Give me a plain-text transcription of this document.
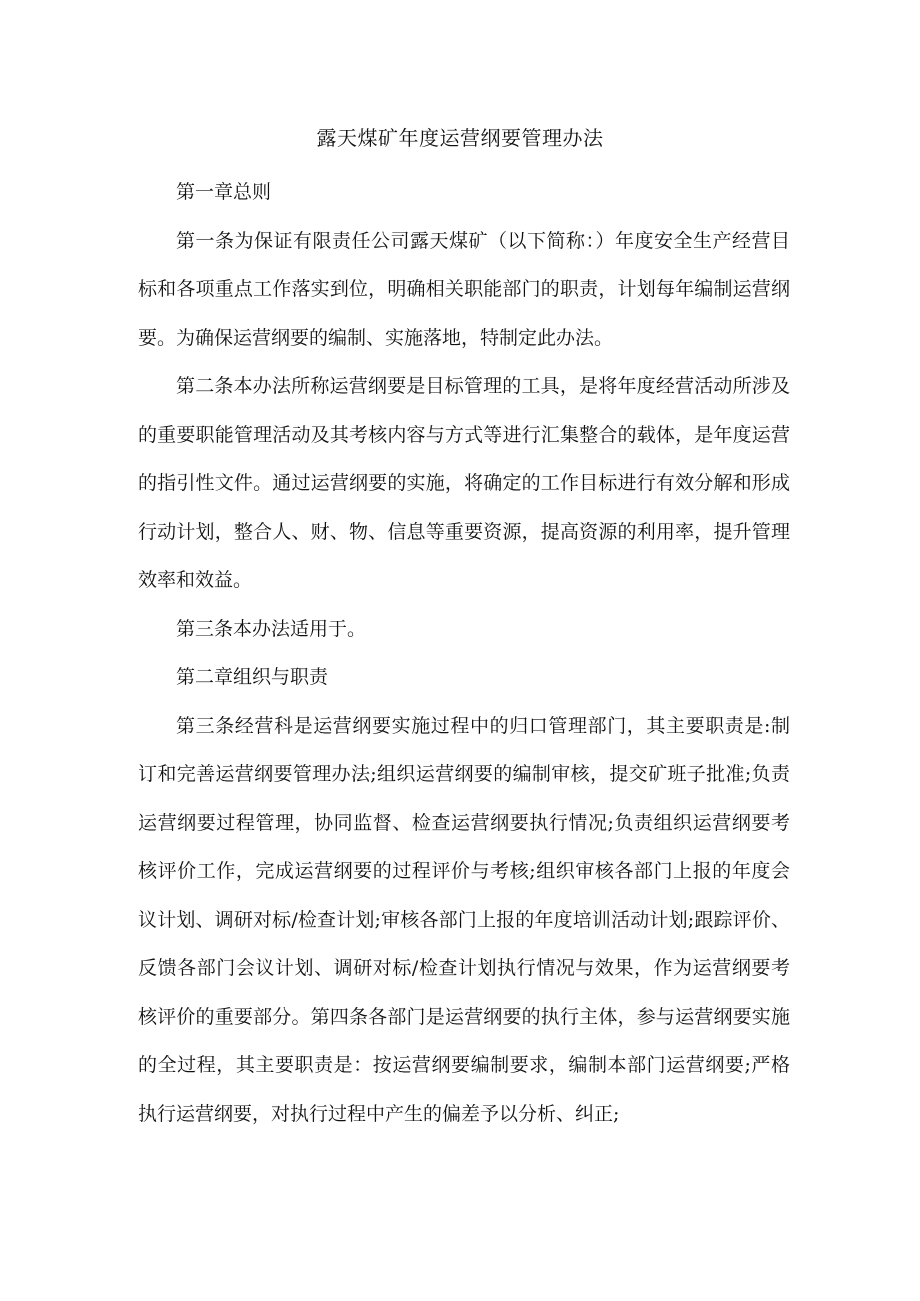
露天煤矿年度运营纲要管理办法

第一章总则

第一条为保证有限责任公司露天煤矿（以下简称：）年度安全生产经营目标和各项重点工作落实到位，明确相关职能部门的职责，计划每年编制运营纲要。为确保运营纲要的编制、实施落地，特制定此办法。

第二条本办法所称运营纲要是目标管理的工具，是将年度经营活动所涉及的重要职能管理活动及其考核内容与方式等进行汇集整合的载体，是年度运营的指引性文件。通过运营纲要的实施，将确定的工作目标进行有效分解和形成行动计划，整合人、财、物、信息等重要资源，提高资源的利用率，提升管理效率和效益。

第三条本办法适用于。

第二章组织与职责

第三条经营科是运营纲要实施过程中的归口管理部门，其主要职责是:制订和完善运营纲要管理办法;组织运营纲要的编制审核，提交矿班子批准;负责运营纲要过程管理，协同监督、检查运营纲要执行情况;负责组织运营纲要考核评价工作，完成运营纲要的过程评价与考核;组织审核各部门上报的年度会议计划、调研对标/检查计划;审核各部门上报的年度培训活动计划;跟踪评价、反馈各部门会议计划、调研对标/检查计划执行情况与效果，作为运营纲要考核评价的重要部分。第四条各部门是运营纲要的执行主体，参与运营纲要实施的全过程，其主要职责是：按运营纲要编制要求，编制本部门运营纲要;严格执行运营纲要，对执行过程中产生的偏差予以分析、纠正;
